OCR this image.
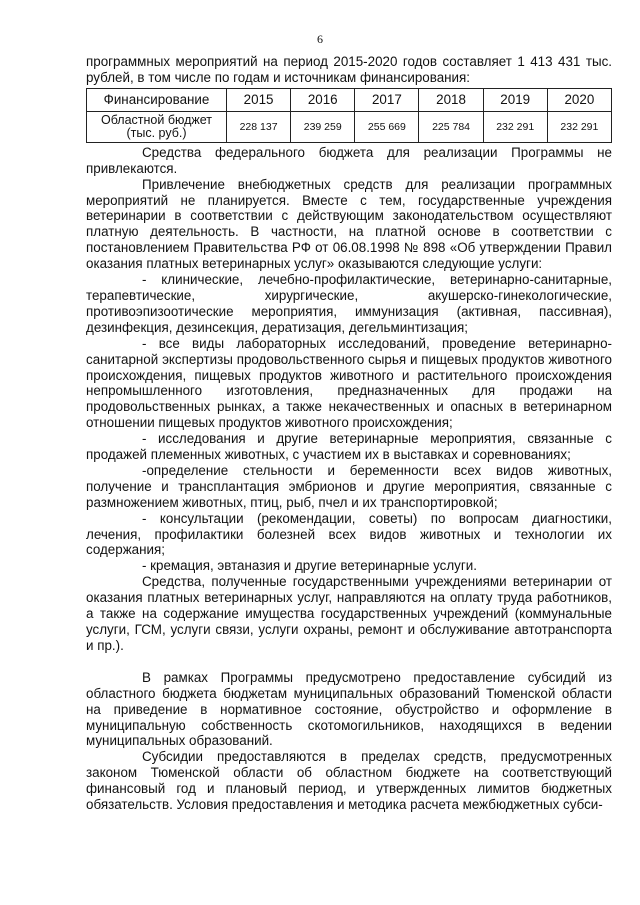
6

программных мероприятий на период 2015-2020 годов составляет 1 413 431 тыс. рублей, в том числе по годам и источникам финансирования:

Финансирование	2015	2016	2017	2018	2019	2020
Областной бюджет (тыс. руб.)	228 137	239 259	255 669	225 784	232 291	232 291

Средства федерального бюджета для реализации Программы не привлекаются.

Привлечение внебюджетных средств для реализации программных мероприятий не планируется. Вместе с тем, государственные учреждения ветеринарии в соответствии с действующим законодательством осуществляют платную деятельность. В частности, на платной основе в соответствии с постановлением Правительства РФ от 06.08.1998 № 898 «Об утверждении Правил оказания платных ветеринарных услуг» оказываются следующие услуги:

- клинические, лечебно-профилактические, ветеринарно-санитарные, терапевтические, хирургические, акушерско-гинекологические, противоэпизоотические мероприятия, иммунизация (активная, пассивная), дезинфекция, дезинсекция, дератизация, дегельминтизация;

- все виды лабораторных исследований, проведение ветеринарно-санитарной экспертизы продовольственного сырья и пищевых продуктов животного происхождения, пищевых продуктов животного и растительного происхождения непромышленного изготовления, предназначенных для продажи на продовольственных рынках, а также некачественных и опасных в ветеринарном отношении пищевых продуктов животного происхождения;

- исследования и другие ветеринарные мероприятия, связанные с продажей племенных животных, с участием их в выставках и соревнованиях;

-определение стельности и беременности всех видов животных, получение и трансплантация эмбрионов и другие мероприятия, связанные с размножением животных, птиц, рыб, пчел и их транспортировкой;

- консультации (рекомендации, советы) по вопросам диагностики, лечения, профилактики болезней всех видов животных и технологии их содержания;

- кремация, эвтаназия и другие ветеринарные услуги.

Средства, полученные государственными учреждениями ветеринарии от оказания платных ветеринарных услуг, направляются на оплату труда работников, а также на содержание имущества государственных учреждений (коммунальные услуги, ГСМ, услуги связи, услуги охраны, ремонт и обслуживание автотранспорта и пр.).

В рамках Программы предусмотрено предоставление субсидий из областного бюджета бюджетам муниципальных образований Тюменской области на приведение в нормативное состояние, обустройство и оформление в муниципальную собственность скотомогильников, находящихся в ведении муниципальных образований.

Субсидии предоставляются в пределах средств, предусмотренных законом Тюменской области об областном бюджете на соответствующий финансовый год и плановый период, и утвержденных лимитов бюджетных обязательств. Условия предоставления и методика расчета межбюджетных субси-
